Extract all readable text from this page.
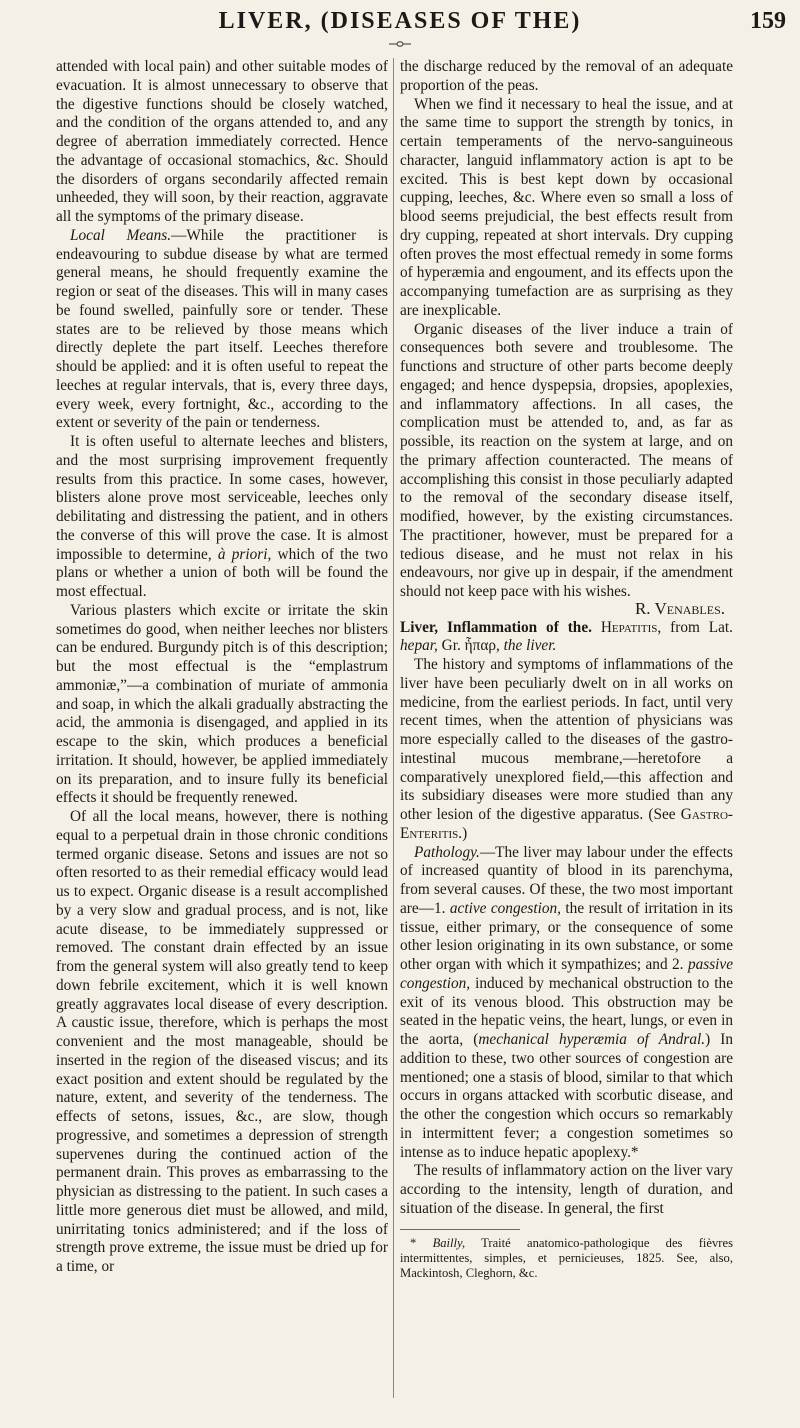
LIVER, (DISEASES OF THE)	159

attended with local pain) and other suitable modes of evacuation. It is almost unnecessary to observe that the digestive functions should be closely watched, and the condition of the organs attended to, and any degree of aberration immediately corrected. Hence the advantage of occasional stomachics, &c. Should the disorders of organs secondarily affected remain unheeded, they will soon, by their reaction, aggravate all the symptoms of the primary disease.

Local Means.—While the practitioner is endeavouring to subdue disease by what are termed general means, he should frequently examine the region or seat of the diseases. This will in many cases be found swelled, painfully sore or tender. These states are to be relieved by those means which directly deplete the part itself. Leeches therefore should be applied: and it is often useful to repeat the leeches at regular intervals, that is, every three days, every week, every fortnight, &c., according to the extent or severity of the pain or tenderness.

It is often useful to alternate leeches and blisters, and the most surprising improvement frequently results from this practice. In some cases, however, blisters alone prove most serviceable, leeches only debilitating and distressing the patient, and in others the converse of this will prove the case. It is almost impossible to determine, à priori, which of the two plans or whether a union of both will be found the most effectual.

Various plasters which excite or irritate the skin sometimes do good, when neither leeches nor blisters can be endured. Burgundy pitch is of this description; but the most effectual is the “emplastrum ammoniæ,”—a combination of muriate of ammonia and soap, in which the alkali gradually abstracting the acid, the ammonia is disengaged, and applied in its escape to the skin, which produces a beneficial irritation. It should, however, be applied immediately on its preparation, and to insure fully its beneficial effects it should be frequently renewed.

Of all the local means, however, there is nothing equal to a perpetual drain in those chronic conditions termed organic disease. Setons and issues are not so often resorted to as their remedial efficacy would lead us to expect. Organic disease is a result accomplished by a very slow and gradual process, and is not, like acute disease, to be immediately suppressed or removed. The constant drain effected by an issue from the general system will also greatly tend to keep down febrile excitement, which it is well known greatly aggravates local disease of every description. A caustic issue, therefore, which is perhaps the most convenient and the most manageable, should be inserted in the region of the diseased viscus; and its exact position and extent should be regulated by the nature, extent, and severity of the tenderness. The effects of setons, issues, &c., are slow, though progressive, and sometimes a depression of strength supervenes during the continued action of the permanent drain. This proves as embarrassing to the physician as distressing to the patient. In such cases a little more generous diet must be allowed, and mild, unirritating tonics administered; and if the loss of strength prove extreme, the issue must be dried up for a time, or

the discharge reduced by the removal of an adequate proportion of the peas.

When we find it necessary to heal the issue, and at the same time to support the strength by tonics, in certain temperaments of the nervo-sanguineous character, languid inflammatory action is apt to be excited. This is best kept down by occasional cupping, leeches, &c. Where even so small a loss of blood seems prejudicial, the best effects result from dry cupping, repeated at short intervals. Dry cupping often proves the most effectual remedy in some forms of hyperæmia and engoument, and its effects upon the accompanying tumefaction are as surprising as they are inexplicable.

Organic diseases of the liver induce a train of consequences both severe and troublesome. The functions and structure of other parts become deeply engaged; and hence dyspepsia, dropsies, apoplexies, and inflammatory affections. In all cases, the complication must be attended to, and, as far as possible, its reaction on the system at large, and on the primary affection counteracted. The means of accomplishing this consist in those peculiarly adapted to the removal of the secondary disease itself, modified, however, by the existing circumstances. The practitioner, however, must be prepared for a tedious disease, and he must not relax in his endeavours, nor give up in despair, if the amendment should not keep pace with his wishes.

R. Venables.

Liver, Inflammation of the. Hepatitis, from Lat. hepar, Gr. ἧπαρ, the liver.

The history and symptoms of inflammations of the liver have been peculiarly dwelt on in all works on medicine, from the earliest periods. In fact, until very recent times, when the attention of physicians was more especially called to the diseases of the gastro-intestinal mucous membrane,—heretofore a comparatively unexplored field,—this affection and its subsidiary diseases were more studied than any other lesion of the digestive apparatus. (See Gastro-Enteritis.)

Pathology.—The liver may labour under the effects of increased quantity of blood in its parenchyma, from several causes. Of these, the two most important are—1. active congestion, the result of irritation in its tissue, either primary, or the consequence of some other lesion originating in its own substance, or some other organ with which it sympathizes; and 2. passive congestion, induced by mechanical obstruction to the exit of its venous blood. This obstruction may be seated in the hepatic veins, the heart, lungs, or even in the aorta, (mechanical hyperæmia of Andral.) In addition to these, two other sources of congestion are mentioned; one a stasis of blood, similar to that which occurs in organs attacked with scorbutic disease, and the other the congestion which occurs so remarkably in intermittent fever; a congestion sometimes so intense as to induce hepatic apoplexy.*

The results of inflammatory action on the liver vary according to the intensity, length of duration, and situation of the disease. In general, the first

* Bailly, Traité anatomico-pathologique des fièvres intermittentes, simples, et pernicieuses, 1825. See, also, Mackintosh, Cleghorn, &c.
